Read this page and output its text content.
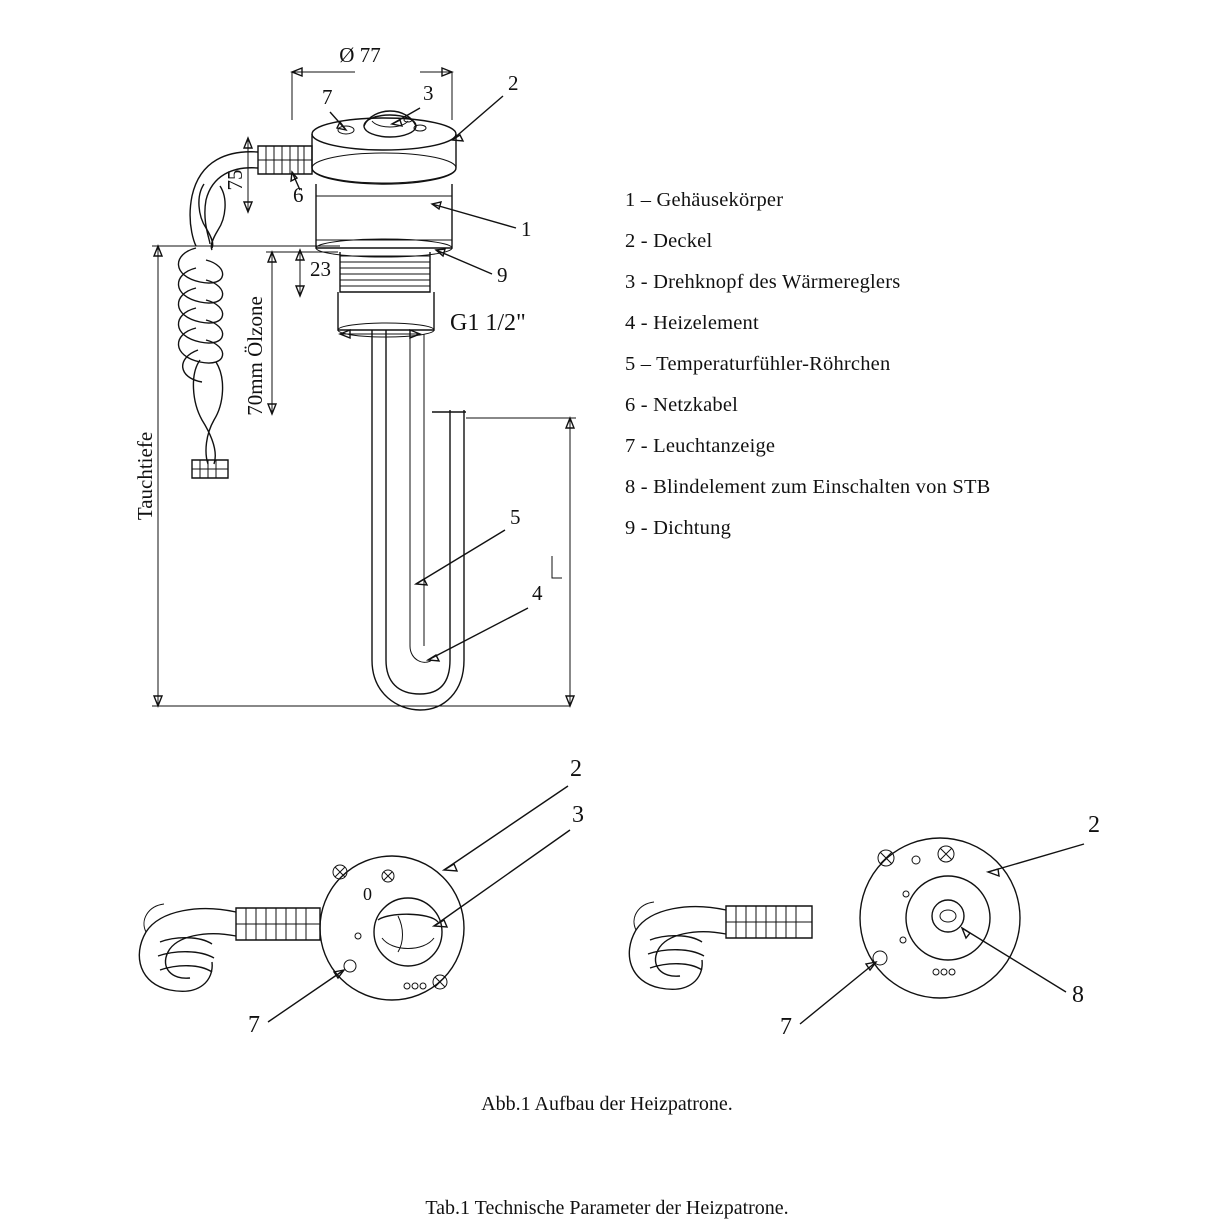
Ø 77
Tauchtiefe
70mm Ölzone
75
23
G1 1/2"
7	3	2
6
1
9
5
4
0
2
3
7
2
7
8
1 – Gehäusekörper
2 - Deckel
3 - Drehknopf des Wärmereglers
4 - Heizelement
5 – Temperaturfühler-Röhrchen
6 - Netzkabel
7 - Leuchtanzeige
8 - Blindelement zum Einschalten von STB
9 - Dichtung
Abb.1 Aufbau der Heizpatrone.
Tab.1 Technische Parameter der Heizpatrone.
